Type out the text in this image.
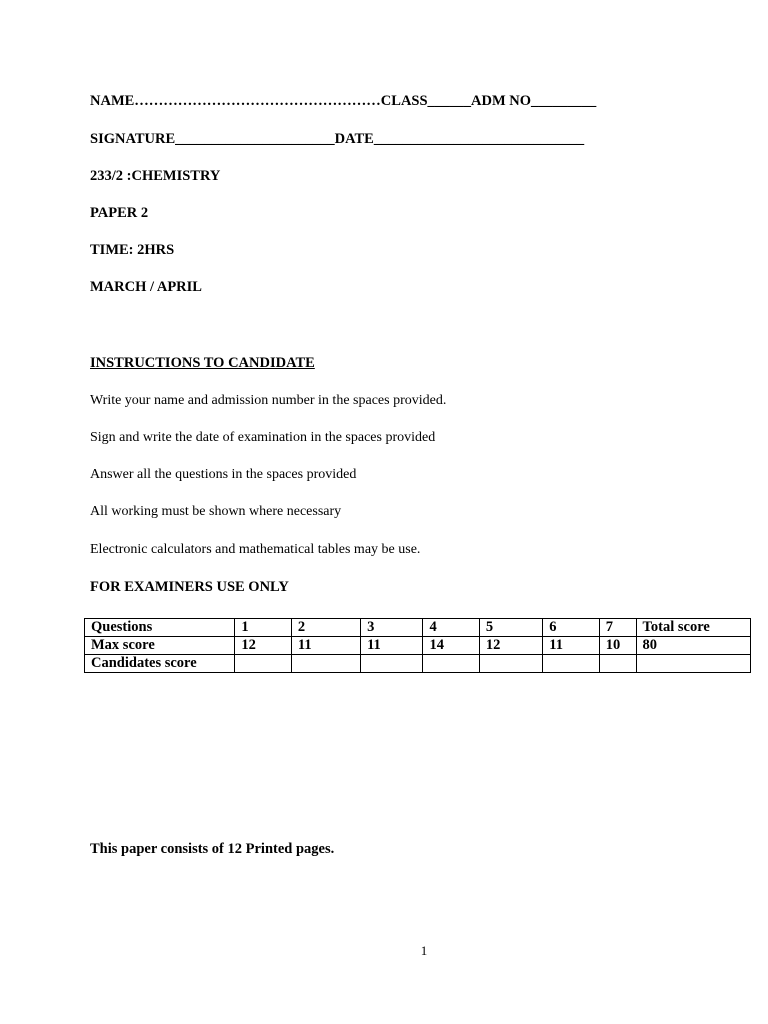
NAME……………………………………………CLASS______ADM NO_________
SIGNATURE______________________DATE_____________________________
233/2 :CHEMISTRY
PAPER 2
TIME: 2HRS
MARCH / APRIL
INSTRUCTIONS TO CANDIDATE
Write your name and admission number in the spaces provided.
Sign and write the date of examination in the spaces provided
Answer all the questions in the spaces provided
All working must be shown where necessary
Electronic calculators and mathematical tables may be use.
FOR EXAMINERS USE ONLY
Questions	1	2	3	4	5	6	7	Total score
Max score	12	11	11	14	12	11	10	80
Candidates score								
This paper consists of 12 Printed pages.
1
